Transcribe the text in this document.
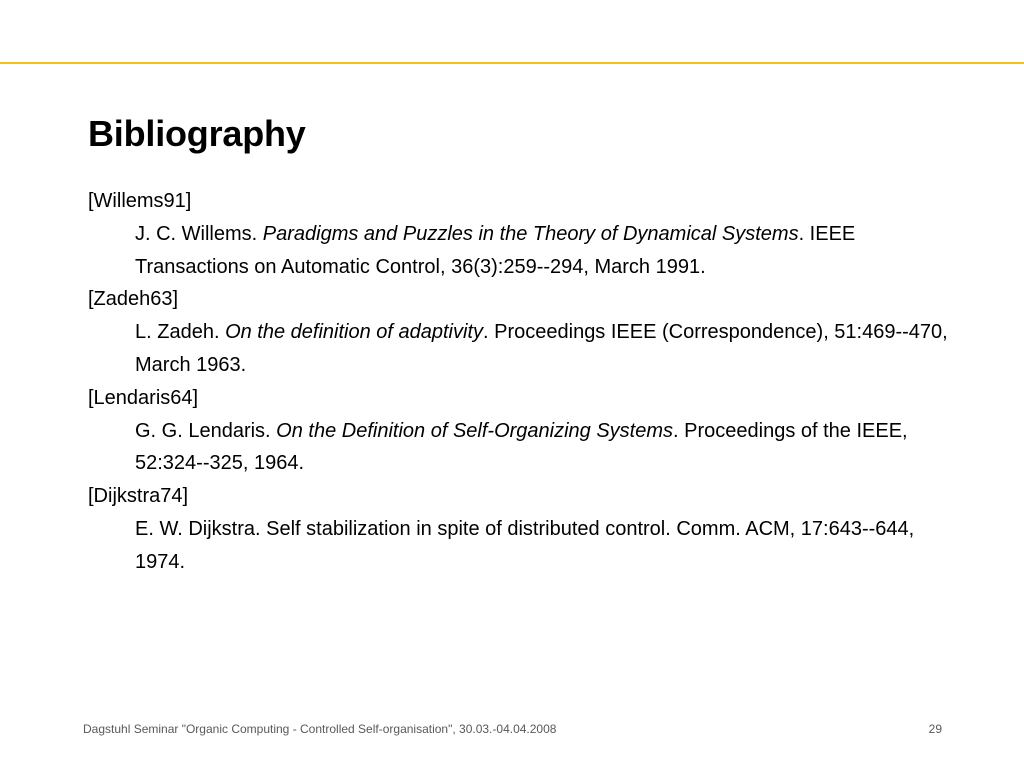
Bibliography
[Willems91]
J. C. Willems. Paradigms and Puzzles in the Theory of Dynamical Systems. IEEE Transactions on Automatic Control, 36(3):259--294, March 1991.
[Zadeh63]
L. Zadeh. On the definition of adaptivity. Proceedings IEEE (Correspondence), 51:469--470, March 1963.
[Lendaris64]
G. G. Lendaris. On the Definition of Self-Organizing Systems. Proceedings of the IEEE, 52:324--325, 1964.
[Dijkstra74]
E. W. Dijkstra. Self stabilization in spite of distributed control. Comm. ACM, 17:643--644, 1974.
Dagstuhl Seminar "Organic Computing - Controlled Self-organisation", 30.03.-04.04.2008	29
